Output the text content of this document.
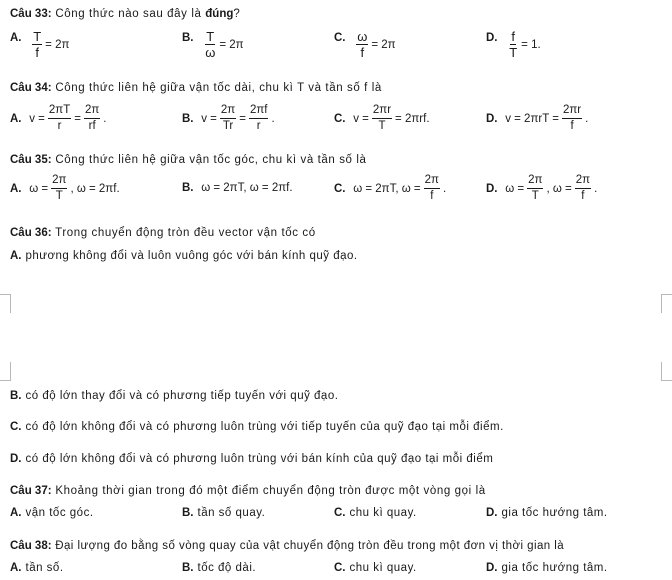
Câu 33: Công thức nào sau đây là đúng?
A. $\frac{T}{f} = 2\pi$
B. $\frac{T}{\omega} = 2\pi$
C. $\frac{\omega}{f} = 2\pi$
D. $\frac{f}{T} = 1$.
Câu 34: Công thức liên hệ giữa vận tốc dài, chu kì T và tần số f là
A. $v = \frac{2\pi T}{r} = \frac{2\pi}{rf}$ .	B. $v = \frac{2\pi}{Tr} = \frac{2\pi f}{r}$ .	C. $v = \frac{2\pi r}{T} = 2\pi rf$.	D. $v = 2\pi rT = \frac{2\pi r}{f}$ .
Câu 35: Công thức liên hệ giữa vận tốc góc, chu kì và tần số là
A. $\omega = \frac{2\pi}{T}$ , ω = 2πf.	B. ω = 2πT, ω = 2πf.	C. ω = 2πT, $\omega = \frac{2\pi}{f}$ .	D. $\omega = \frac{2\pi}{T}$ , $\omega = \frac{2\pi}{f}$ .
Câu 36: Trong chuyển động tròn đều vector vận tốc có
A. phương không đổi và luôn vuông góc với bán kính quỹ đạo.
B. có độ lớn thay đổi và có phương tiếp tuyến với quỹ đạo.
C. có độ lớn không đổi và có phương luôn trùng với tiếp tuyến của quỹ đạo tại mỗi điểm.
D. có độ lớn không đổi và có phương luôn trùng với bán kính của quỹ đạo tại mỗi điểm
Câu 37: Khoảng thời gian trong đó một điểm chuyển động tròn được một vòng gọi là
A. vận tốc góc.	B. tần số quay.	C. chu kì quay.	D. gia tốc hướng tâm.
Câu 38: Đại lượng đo bằng số vòng quay của vật chuyển động tròn đều trong một đơn vị thời gian là
A. tần số.	B. tốc độ dài.	C. chu kì quay.	D. gia tốc hướng tâm.
